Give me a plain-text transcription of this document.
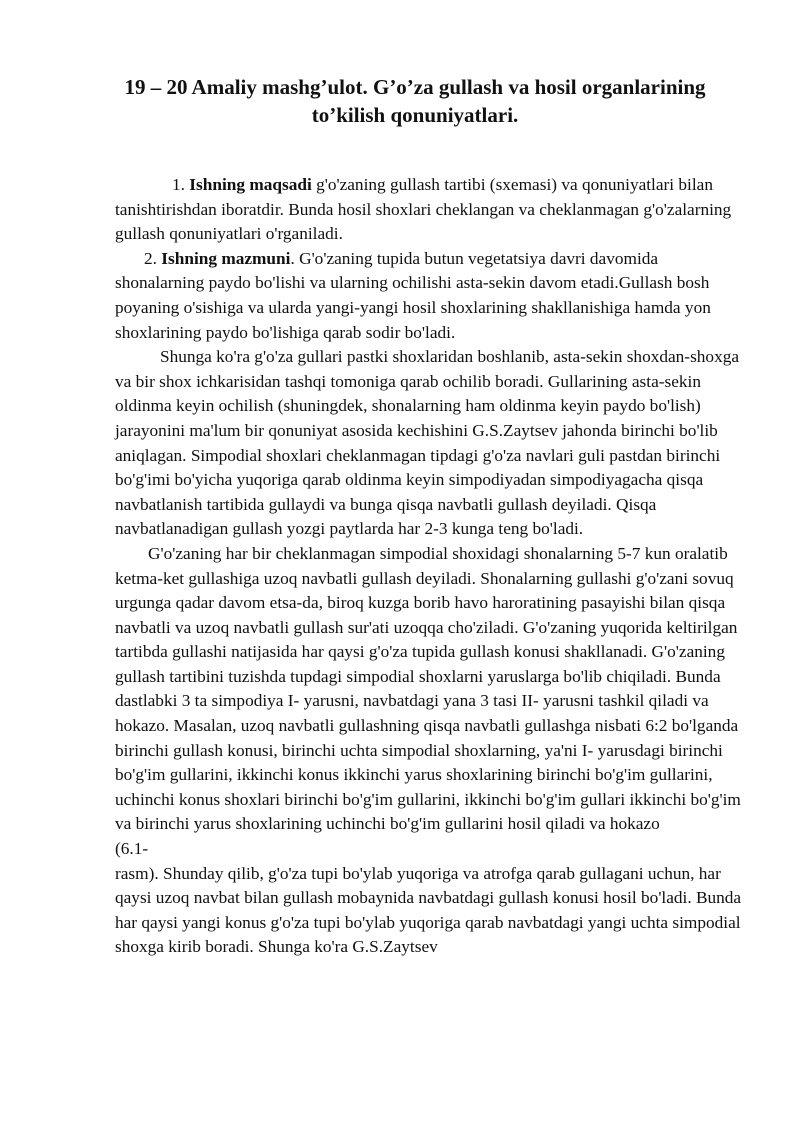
19 – 20 Amaliy mashg’ulot. G’o’za gullash va hosil organlarining
to’kilish qonuniyatlari.

1. Ishning maqsadi g'o'zaning gullash tartibi (sxemasi) va qonuniyatlari bilan tanishtirishdan iboratdir. Bunda hosil shoxlari cheklangan va cheklanmagan g'o'zalarning gullash qonuniyatlari o'rganiladi.

2. Ishning mazmuni. G'o'zaning tupida butun vegetatsiya davri davomida shonalarning paydo bo'lishi va ularning ochilishi asta-sekin davom etadi.Gullash bosh poyaning o'sishiga va ularda yangi-yangi hosil shoxlarining shakllanishiga hamda yon shoxlarining paydo bo'lishiga qarab sodir bo'ladi.

Shunga ko'ra g'o'za gullari pastki shoxlaridan boshlanib, asta-sekin shoxdan-shoxga va bir shox ichkarisidan tashqi tomoniga qarab ochilib boradi. Gullarining asta-sekin oldinma keyin ochilish (shuningdek, shonalarning ham oldinma keyin paydo bo'lish) jarayonini ma'lum bir qonuniyat asosida kechishini G.S.Zaytsev jahonda birinchi bo'lib aniqlagan. Simpodial shoxlari cheklanmagan tipdagi g'o'za navlari guli pastdan birinchi bo'g'imi bo'yicha yuqoriga qarab oldinma keyin simpodiyadan simpodiyagacha qisqa navbatlanish tartibida gullaydi va bunga qisqa navbatli gullash deyiladi. Qisqa navbatlanadigan gullash yozgi paytlarda har 2-3 kunga teng bo'ladi.

G'o'zaning har bir cheklanmagan simpodial shoxidagi shonalarning 5-7 kun oralatib ketma-ket gullashiga uzoq navbatli gullash deyiladi. Shonalarning gullashi g'o'zani sovuq urgunga qadar davom etsa-da, biroq kuzga borib havo haroratining pasayishi bilan qisqa navbatli va uzoq navbatli gullash sur'ati uzoqqa cho'ziladi. G'o'zaning yuqorida keltirilgan tartibda gullashi natijasida har qaysi g'o'za tupida gullash konusi shakllanadi. G'o'zaning gullash tartibini tuzishda tupdagi simpodial shoxlarni yaruslarga bo'lib chiqiladi. Bunda dastlabki 3 ta simpodiya I- yarusni, navbatdagi yana 3 tasi II- yarusni tashkil qiladi va hokazo. Masalan, uzoq navbatli gullashning qisqa navbatli gullashga nisbati 6:2 bo'lganda birinchi gullash konusi, birinchi uchta simpodial shoxlarning, ya'ni I- yarusdagi birinchi bo'g'im gullarini, ikkinchi konus ikkinchi yarus shoxlarining birinchi bo'g'im gullarini, uchinchi konus shoxlari birinchi bo'g'im gullarini, ikkinchi bo'g'im gullari ikkinchi bo'g'im va birinchi yarus shoxlarining uchinchi bo'g'im gullarini hosil qiladi va hokazo
(6.1-
rasm). Shunday qilib, g'o'za tupi bo'ylab yuqoriga va atrofga qarab gullagani uchun, har qaysi uzoq navbat bilan gullash mobaynida navbatdagi gullash konusi hosil bo'ladi. Bunda har qaysi yangi konus g'o'za tupi bo'ylab yuqoriga qarab navbatdagi yangi uchta simpodial shoxga kirib boradi. Shunga ko'ra G.S.Zaytsev
